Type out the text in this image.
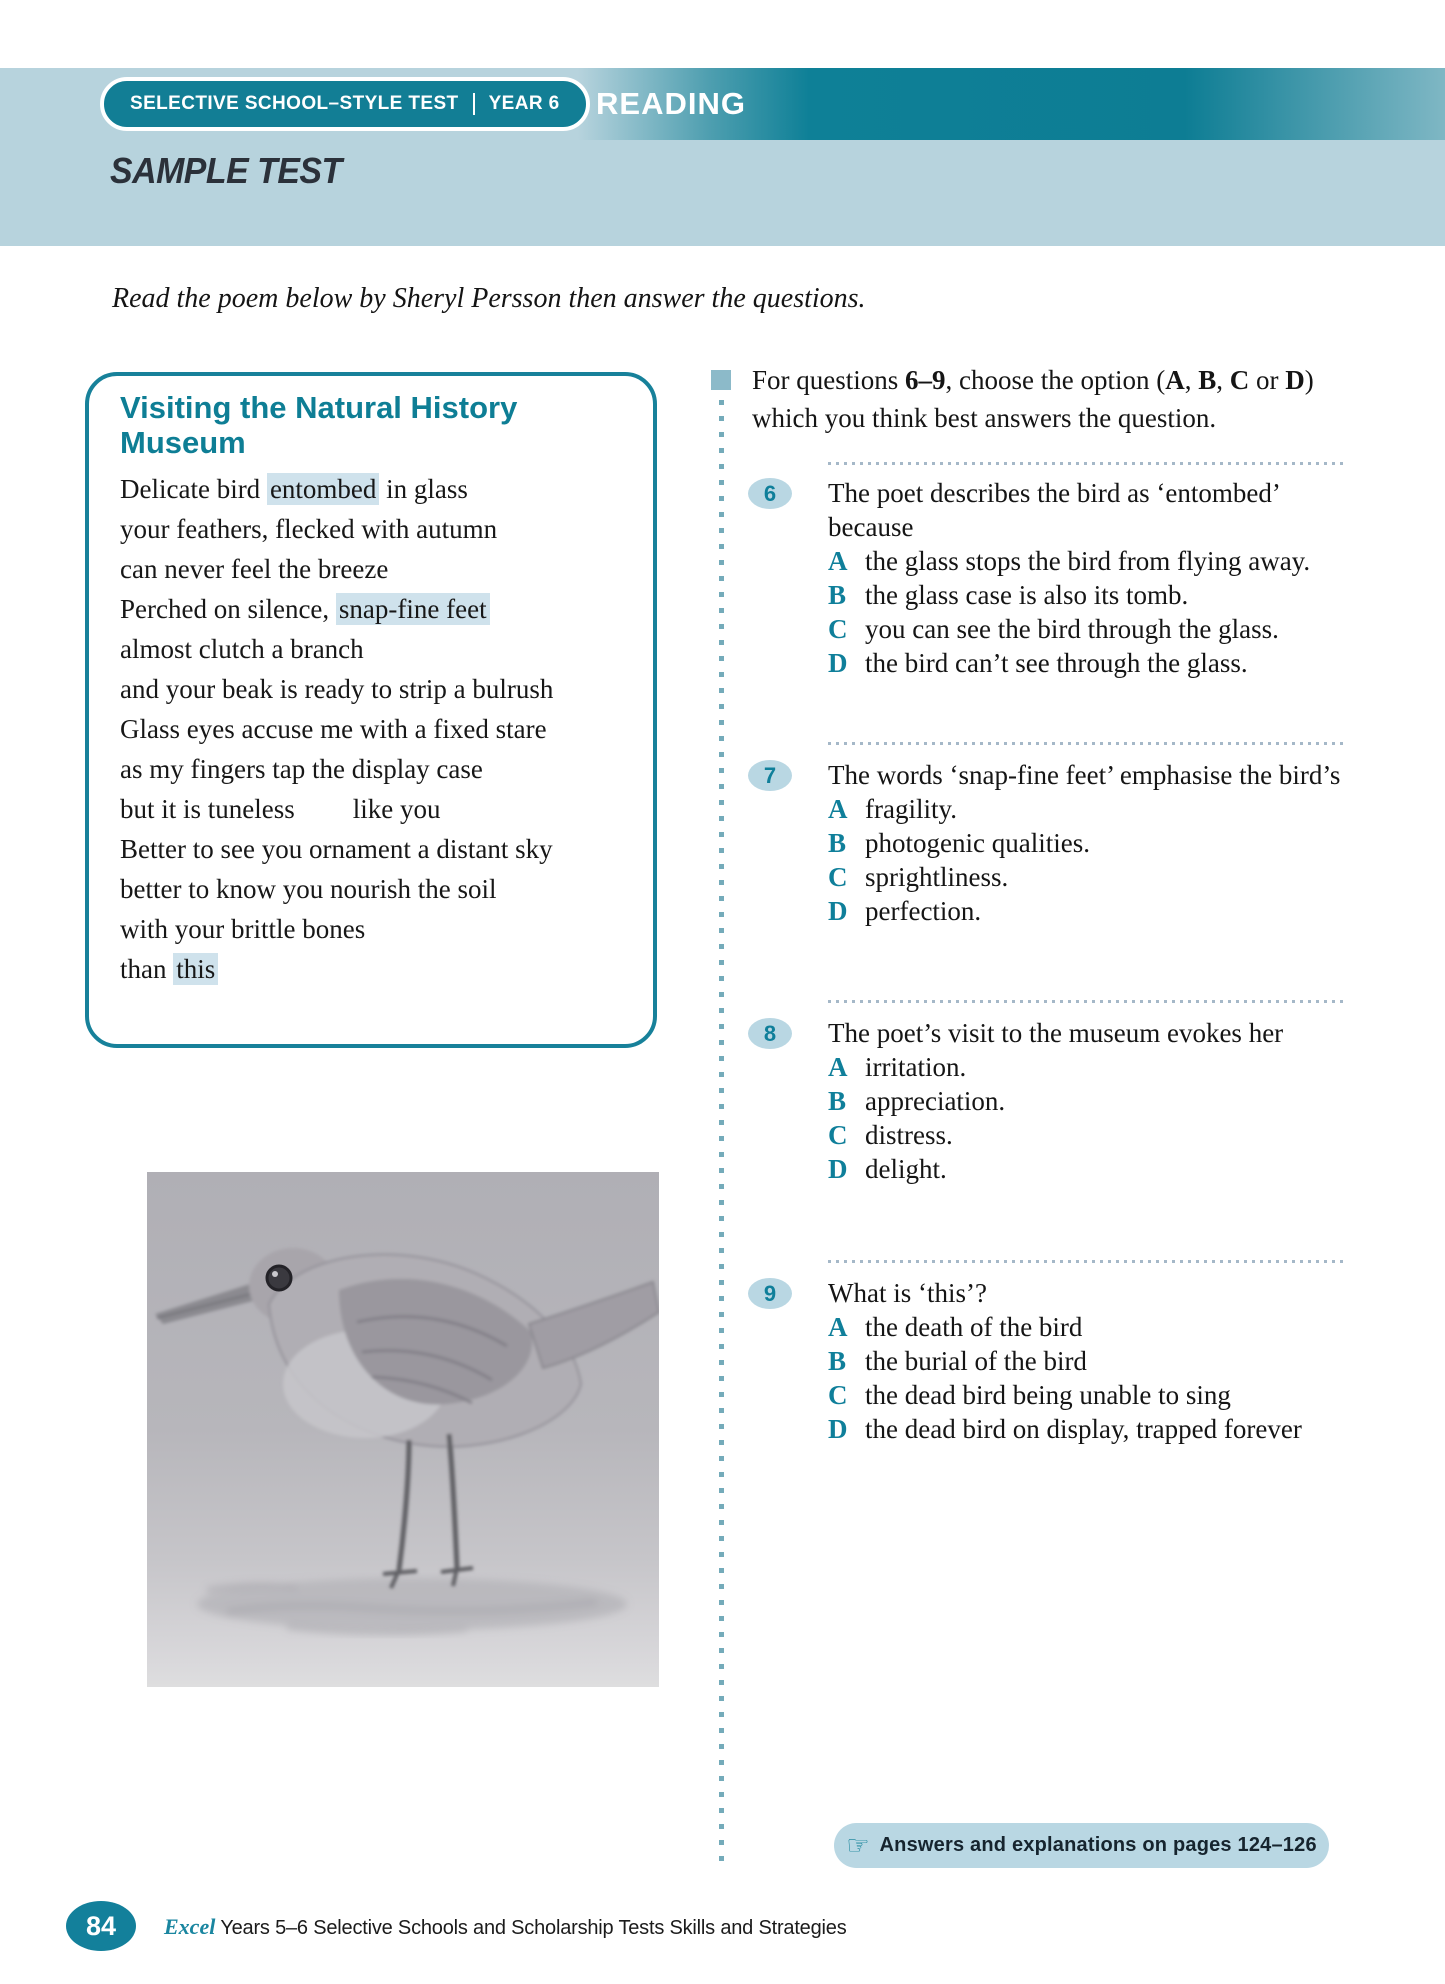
SELECTIVE SCHOOL–STYLE TEST YEAR 6 READING
SAMPLE TEST
Read the poem below by Sheryl Persson then answer the questions.
Visiting the Natural History Museum
Delicate bird entombed in glass
your feathers, flecked with autumn
can never feel the breeze
Perched on silence, snap-fine feet
almost clutch a branch
and your beak is ready to strip a bulrush
Glass eyes accuse me with a fixed stare
as my fingers tap the display case
but it is tuneless like you
Better to see you ornament a distant sky
better to know you nourish the soil
with your brittle bones
than this
For questions 6–9, choose the option (A, B, C or D) which you think best answers the question.
6	The poet describes the bird as ‘entombed’ because
A the glass stops the bird from flying away.
B the glass case is also its tomb.
C you can see the bird through the glass.
D the bird can’t see through the glass.
7	The words ‘snap-fine feet’ emphasise the bird’s
A fragility.
B photogenic qualities.
C sprightliness.
D perfection.
8	The poet’s visit to the museum evokes her
A irritation.
B appreciation.
C distress.
D delight.
9	What is ‘this’?
A the death of the bird
B the burial of the bird
C the dead bird being unable to sing
D the dead bird on display, trapped forever
☞ Answers and explanations on pages 124–126
84	Excel Years 5–6 Selective Schools and Scholarship Tests Skills and Strategies
